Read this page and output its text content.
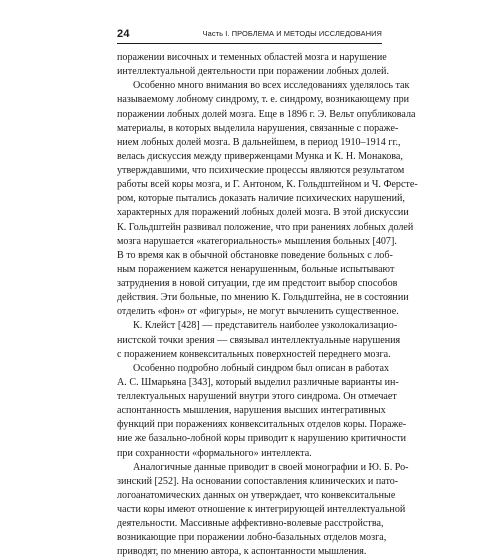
24	Часть I. ПРОБЛЕМА И МЕТОДЫ ИССЛЕДОВАНИЯ
поражении височных и теменных областей мозга и нарушение
интеллектуальной деятельности при поражении лобных долей.
Особенно много внимания во всех исследованиях уделялось так
называемому лобному синдрому, т. е. синдрому, возникающему при
поражении лобных долей мозга. Еще в 1896 г. Э. Вельт опубликовала
материалы, в которых выделила нарушения, связанные с пораже-
нием лобных долей мозга. В дальнейшем, в период 1910–1914 гг.,
велась дискуссия между приверженцами Мунка и К. Н. Монакова,
утверждавшими, что психические процессы являются результатом
работы всей коры мозга, и Г. Антоном, К. Гольдштейном и Ч. Ферсте-
ром, которые пытались доказать наличие психических нарушений,
характерных для поражений лобных долей мозга. В этой дискуссии
К. Гольдштейн развивал положение, что при ранениях лобных долей
мозга нарушается «категориальность» мышления больных [407].
В то время как в обычной обстановке поведение больных с лоб-
ным поражением кажется ненарушенным, больные испытывают
затруднения в новой ситуации, где им предстоит выбор способов
действия. Эти больные, по мнению К. Гольдштейна, не в состоянии
отделить «фон» от «фигуры», не могут вычленить существенное.
К. Клейст [428] — представитель наиболее узколокализацио-
нистской точки зрения — связывал интеллектуальные нарушения
с поражением конвекситальных поверхностей переднего мозга.
Особенно подробно лобный синдром был описан в работах
А. С. Шмарьяна [343], который выделил различные варианты ин-
теллектуальных нарушений внутри этого синдрома. Он отмечает
аспонтанность мышления, нарушения высших интегративных
функций при поражениях конвекситальных отделов коры. Пораже-
ние же базально-лобной коры приводит к нарушению критичности
при сохранности «формального» интеллекта.
Аналогичные данные приводит в своей монографии и Ю. Б. Ро-
зинский [252]. На основании сопоставления клинических и пато-
логоанатомических данных он утверждает, что конвекситальные
части коры имеют отношение к интегрирующей интеллектуальной
деятельности. Массивные аффективно-волевые расстройства,
возникающие при поражении лобно-базальных отделов мозга,
приводят, по мнению автора, к аспонтанности мышления.
